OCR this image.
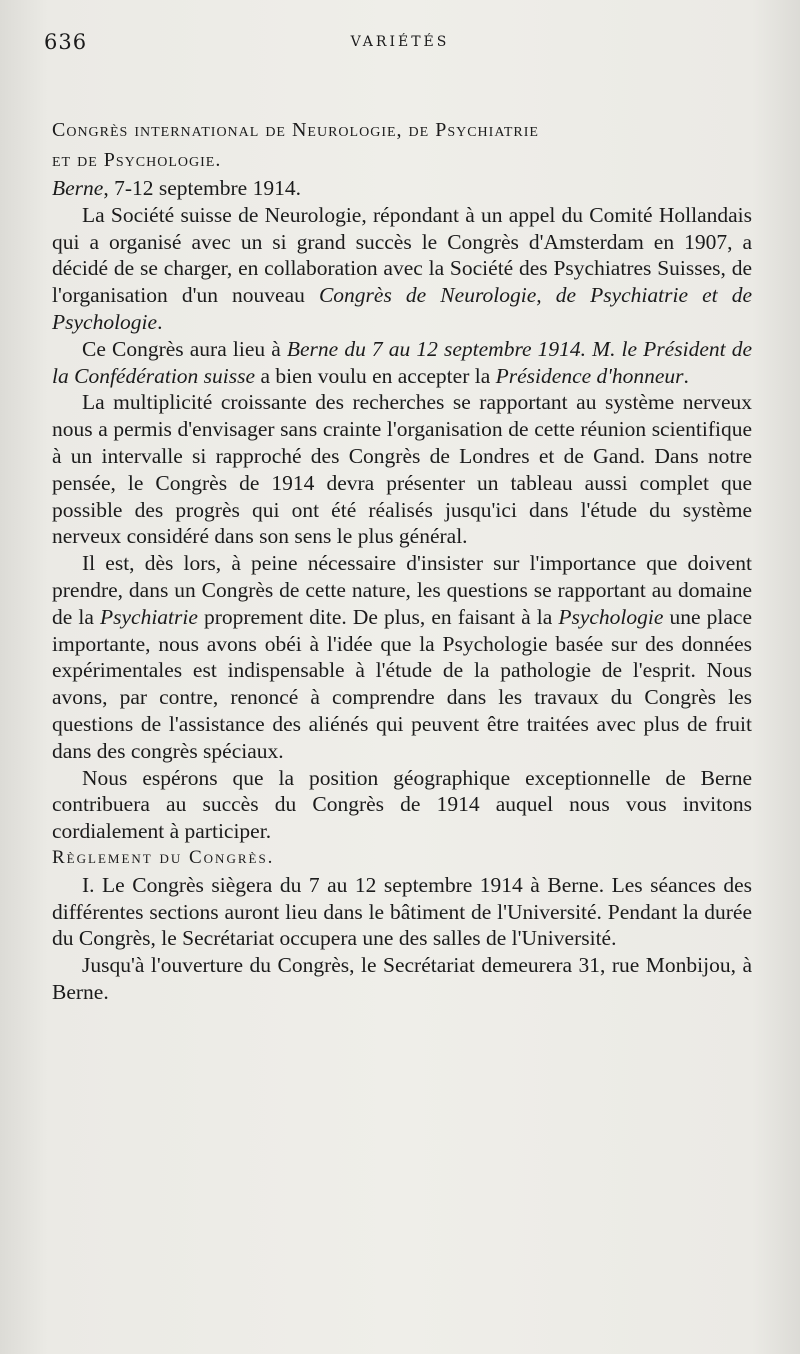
636	VARIÉTÉS

Congrès international de Neurologie, de Psychiatrie

et de Psychologie.

Berne, 7-12 septembre 1914.

La Société suisse de Neurologie, répondant à un appel du Comité Hollandais qui a organisé avec un si grand succès le Congrès d'Amsterdam en 1907, a décidé de se charger, en collaboration avec la Société des Psychiatres Suisses, de l'organisation d'un nouveau Congrès de Neurologie, de Psychiatrie et de Psychologie.

Ce Congrès aura lieu à Berne du 7 au 12 septembre 1914. M. le Président de la Confédération suisse a bien voulu en accepter la Présidence d'honneur.

La multiplicité croissante des recherches se rapportant au système nerveux nous a permis d'envisager sans crainte l'organisation de cette réunion scientifique à un intervalle si rapproché des Congrès de Londres et de Gand. Dans notre pensée, le Congrès de 1914 devra présenter un tableau aussi complet que possible des progrès qui ont été réalisés jusqu'ici dans l'étude du système nerveux considéré dans son sens le plus général.

Il est, dès lors, à peine nécessaire d'insister sur l'importance que doivent prendre, dans un Congrès de cette nature, les questions se rapportant au domaine de la Psychiatrie proprement dite. De plus, en faisant à la Psychologie une place importante, nous avons obéi à l'idée que la Psychologie basée sur des données expérimentales est indispensable à l'étude de la pathologie de l'esprit. Nous avons, par contre, renoncé à comprendre dans les travaux du Congrès les questions de l'assistance des aliénés qui peuvent être traitées avec plus de fruit dans des congrès spéciaux.

Nous espérons que la position géographique exceptionnelle de Berne contribuera au succès du Congrès de 1914 auquel nous vous invitons cordialement à participer.

Règlement du Congrès.

I. Le Congrès siègera du 7 au 12 septembre 1914 à Berne. Les séances des différentes sections auront lieu dans le bâtiment de l'Université. Pendant la durée du Congrès, le Secrétariat occupera une des salles de l'Université.

Jusqu'à l'ouverture du Congrès, le Secrétariat demeurera 31, rue Monbijou, à Berne.
